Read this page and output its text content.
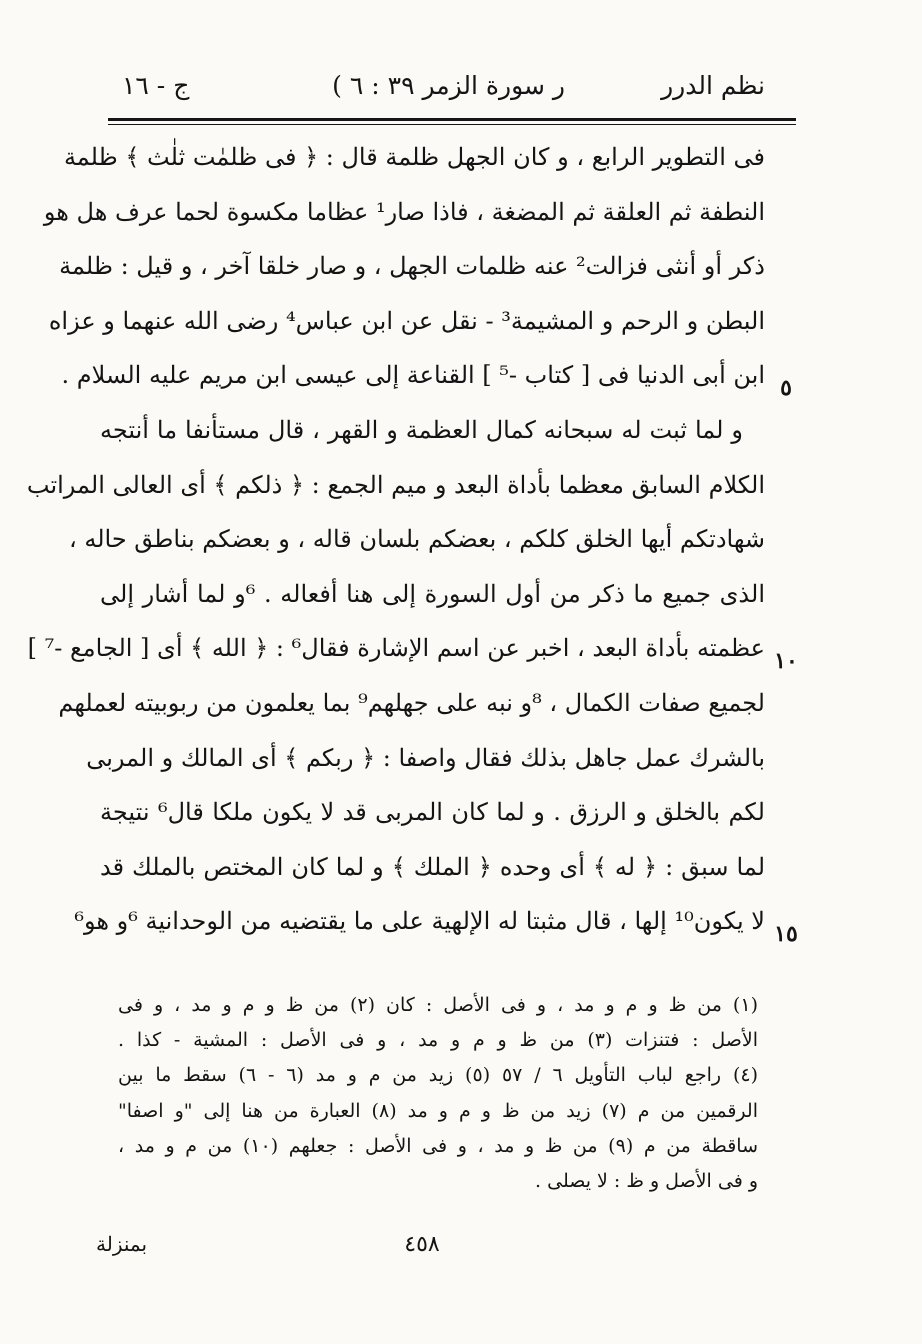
نظم الدرر
ر سورة الزمر ٣٩ : ٦ )
ج - ١٦
فى التطوير الرابع ، و كان الجهل ظلمة قال : ﴿ فى ظلمٰت ثلٰث ﴾ ظلمة
النطفة ثم العلقة ثم المضغة ، فاذا صار¹ عظاما مكسوة لحما عرف هل هو
ذكر أو أنثى فزالت² عنه ظلمات الجهل ، و صار خلقا آخر ، و قيل : ظلمة
البطن و الرحم و المشيمة³ - نقل عن ابن عباس⁴ رضى الله عنهما و عزاه
ابن أبى الدنيا فى [ كتاب -⁵ ] القناعة إلى عيسى ابن مريم عليه السلام .
و لما ثبت له سبحانه كمال العظمة و القهر ، قال مستأنفا ما أنتجه
الكلام السابق معظما بأداة البعد و ميم الجمع : ﴿ ذلكم ﴾ أى العالى المراتب
شهادتكم أيها الخلق كلكم ، بعضكم بلسان قاله ، و بعضكم بناطق حاله ،
الذى جميع ما ذكر من أول السورة إلى هنا أفعاله . ⁶و لما أشار إلى
عظمته بأداة البعد ، اخبر عن اسم الإشارة فقال⁶ : ﴿ الله ﴾ أى [ الجامع -⁷ ]
لجميع صفات الكمال ، ⁸و نبه على جهلهم⁹ بما يعلمون من ربوبيته لعملهم
بالشرك عمل جاهل بذلك فقال واصفا : ﴿ ربكم ﴾ أى المالك و المربى
لكم بالخلق و الرزق . و لما كان المربى قد لا يكون ملكا قال⁶ نتيجة
لما سبق : ﴿ له ﴾ أى وحده ﴿ الملك ﴾ و لما كان المختص بالملك قد
لا يكون¹⁰ إلها ، قال مثبتا له الإلهية على ما يقتضيه من الوحدانية ⁶و هو⁶
٥
١٠
١٥
(١) من ظ و م و مد ، و فى الأصل : كان (٢) من ظ و م و مد ، و فى
الأصل : فتنزات (٣) من ظ و م و مد ، و فى الأصل : المشية - كذا .
(٤) راجع لباب التأويل ٦ / ٥٧ (٥) زيد من م و مد (٦ - ٦) سقط ما بين
الرقمين من م (٧) زيد من ظ و م و مد (٨) العبارة من هنا إلى "و اصفا"
ساقطة من م (٩) من ظ و مد ، و فى الأصل : جعلهم (١٠) من م و مد ،
و فى الأصل و ظ : لا يصلى .
٤٥٨
بمنزلة
